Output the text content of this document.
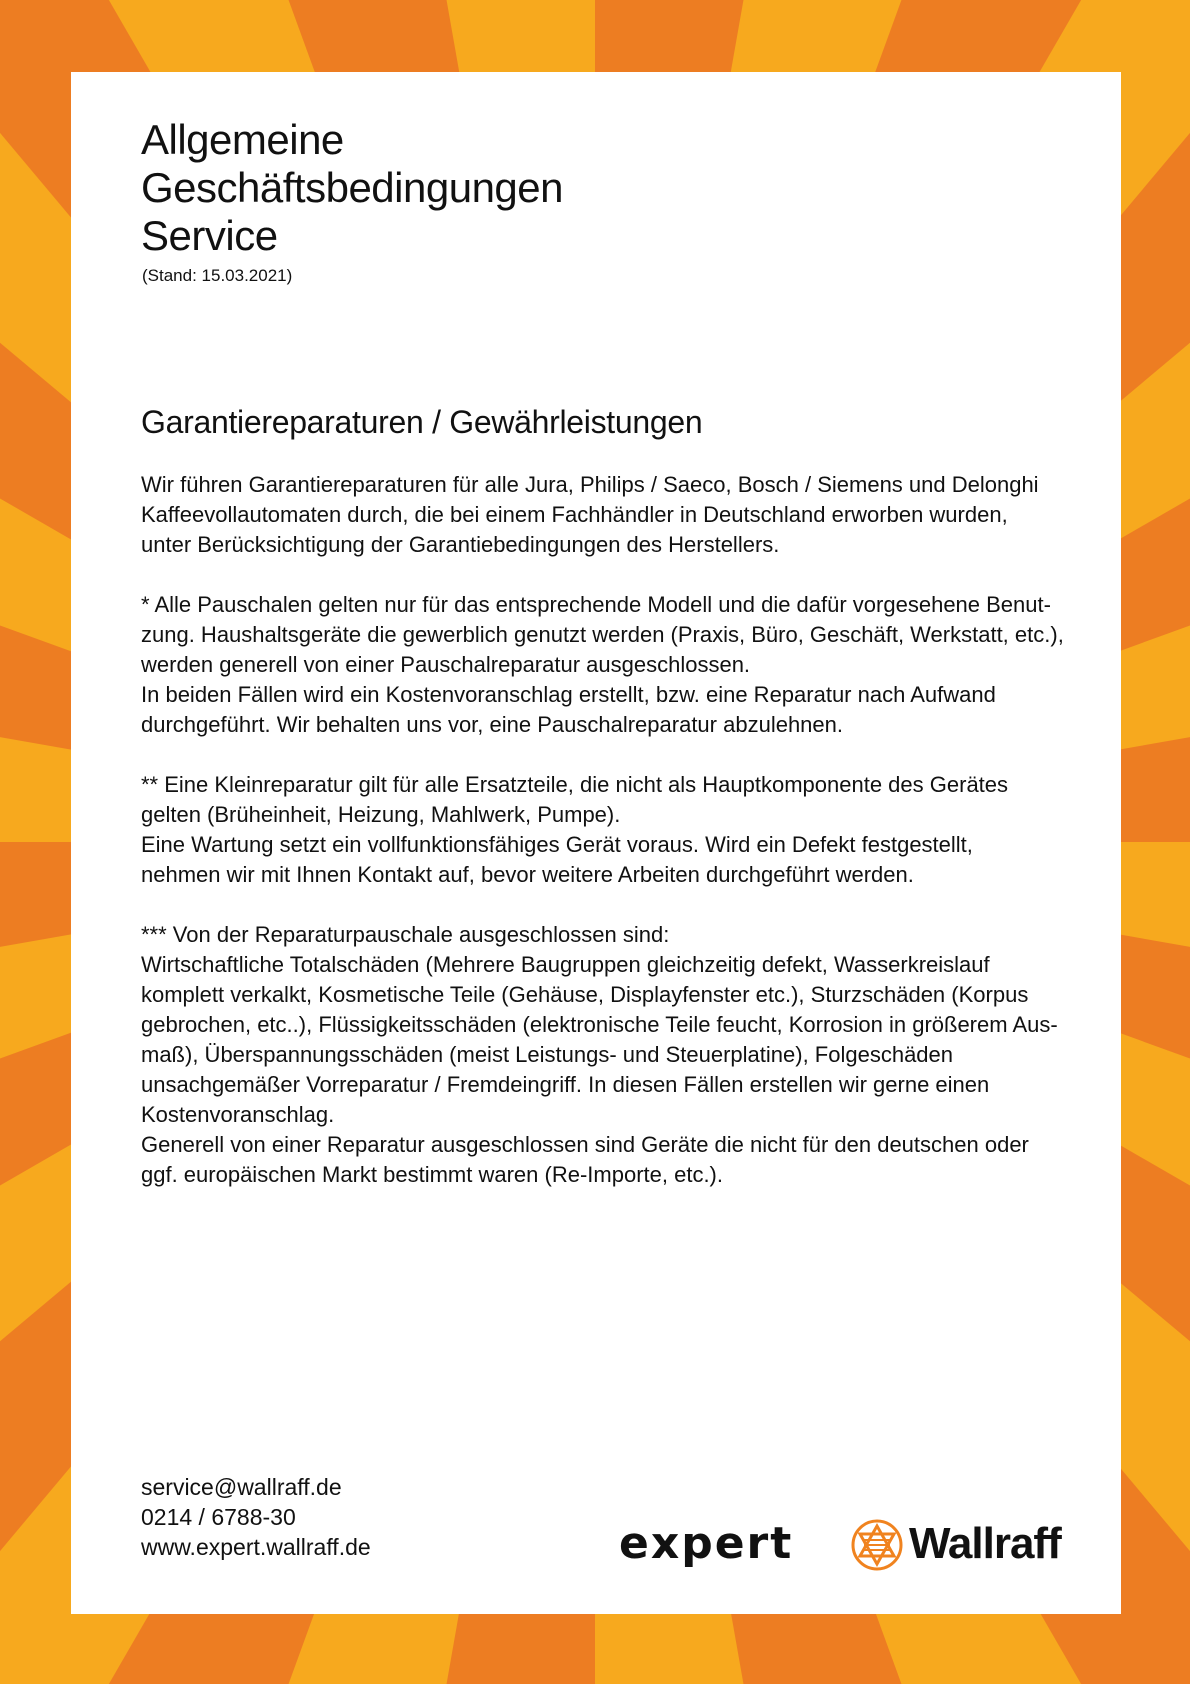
Allgemeine
Geschäftsbedingungen
Service
(Stand: 15.03.2021)
Garantiereparaturen / Gewährleistungen

Wir führen Garantiereparaturen für alle Jura, Philips / Saeco, Bosch / Siemens und Delonghi
Kaffeevollautomaten durch, die bei einem Fachhändler in Deutschland erworben wurden,
unter Berücksichtigung der Garantiebedingungen des Herstellers.

* Alle Pauschalen gelten nur für das entsprechende Modell und die dafür vorgesehene Benut-
zung. Haushaltsgeräte die gewerblich genutzt werden (Praxis, Büro, Geschäft, Werkstatt, etc.),
werden generell von einer Pauschalreparatur ausgeschlossen.
In beiden Fällen wird ein Kostenvoranschlag erstellt, bzw. eine Reparatur nach Aufwand
durchgeführt. Wir behalten uns vor, eine Pauschalreparatur abzulehnen.

** Eine Kleinreparatur gilt für alle Ersatzteile, die nicht als Hauptkomponente des Gerätes
gelten (Brüheinheit, Heizung, Mahlwerk, Pumpe).
Eine Wartung setzt ein vollfunktionsfähiges Gerät voraus. Wird ein Defekt festgestellt,
nehmen wir mit Ihnen Kontakt auf, bevor weitere Arbeiten durchgeführt werden.

*** Von der Reparaturpauschale ausgeschlossen sind:
Wirtschaftliche Totalschäden (Mehrere Baugruppen gleichzeitig defekt, Wasserkreislauf
komplett verkalkt, Kosmetische Teile (Gehäuse, Displayfenster etc.), Sturzschäden (Korpus
gebrochen, etc..), Flüssigkeitsschäden (elektronische Teile feucht, Korrosion in größerem Aus-
maß), Überspannungsschäden (meist Leistungs- und Steuerplatine), Folgeschäden
unsachgemäßer Vorreparatur / Fremdeingriff. In diesen Fällen erstellen wir gerne einen
Kostenvoranschlag.
Generell von einer Reparatur ausgeschlossen sind Geräte die nicht für den deutschen oder
ggf. europäischen Markt bestimmt waren (Re-Importe, etc.).

service@wallraff.de
0214 / 6788-30
www.expert.wallraff.de	expert	Wallraff
